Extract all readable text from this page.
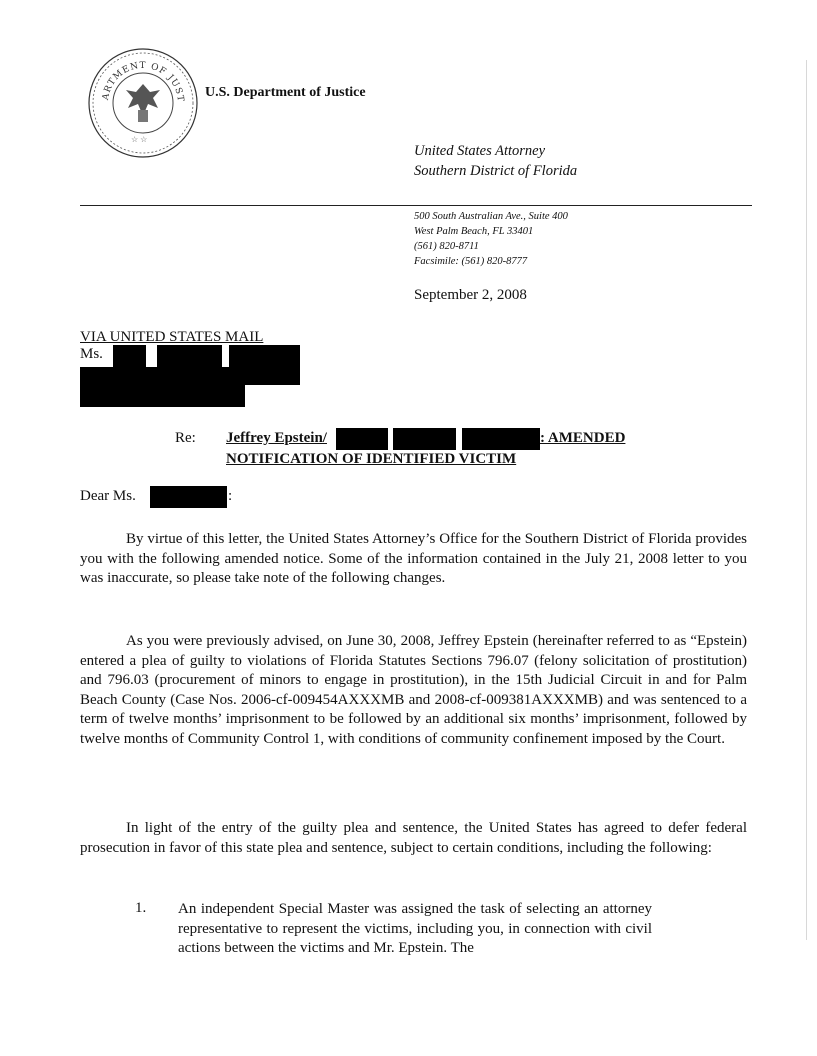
ARTMENT OF JUST
☆ ☆
U.S. Department of Justice
United States Attorney
Southern District of Florida
500 South Australian Ave., Suite 400
West Palm Beach, FL 33401
(561) 820-8711
Facsimile: (561) 820-8777
September 2, 2008
VIA UNITED STATES MAIL
Ms.
Re: Jeffrey Epstein/	: AMENDED
NOTIFICATION OF IDENTIFIED VICTIM
Dear Ms.	:
By virtue of this letter, the United States Attorney’s Office for the Southern District of Florida provides you with the following amended notice. Some of the information contained in the July 21, 2008 letter to you was inaccurate, so please take note of the following changes.
As you were previously advised, on June 30, 2008, Jeffrey Epstein (hereinafter referred to as “Epstein) entered a plea of guilty to violations of Florida Statutes Sections 796.07 (felony solicitation of prostitution) and 796.03 (procurement of minors to engage in prostitution), in the 15th Judicial Circuit in and for Palm Beach County (Case Nos. 2006-cf-009454AXXXMB and 2008-cf-009381AXXXMB) and was sentenced to a term of twelve months’ imprisonment to be followed by an additional six months’ imprisonment, followed by twelve months of Community Control 1, with conditions of community confinement imposed by the Court.
In light of the entry of the guilty plea and sentence, the United States has agreed to defer federal prosecution in favor of this state plea and sentence, subject to certain conditions, including the following:
1. An independent Special Master was assigned the task of selecting an attorney representative to represent the victims, including you, in connection with civil actions between the victims and Mr. Epstein. The
